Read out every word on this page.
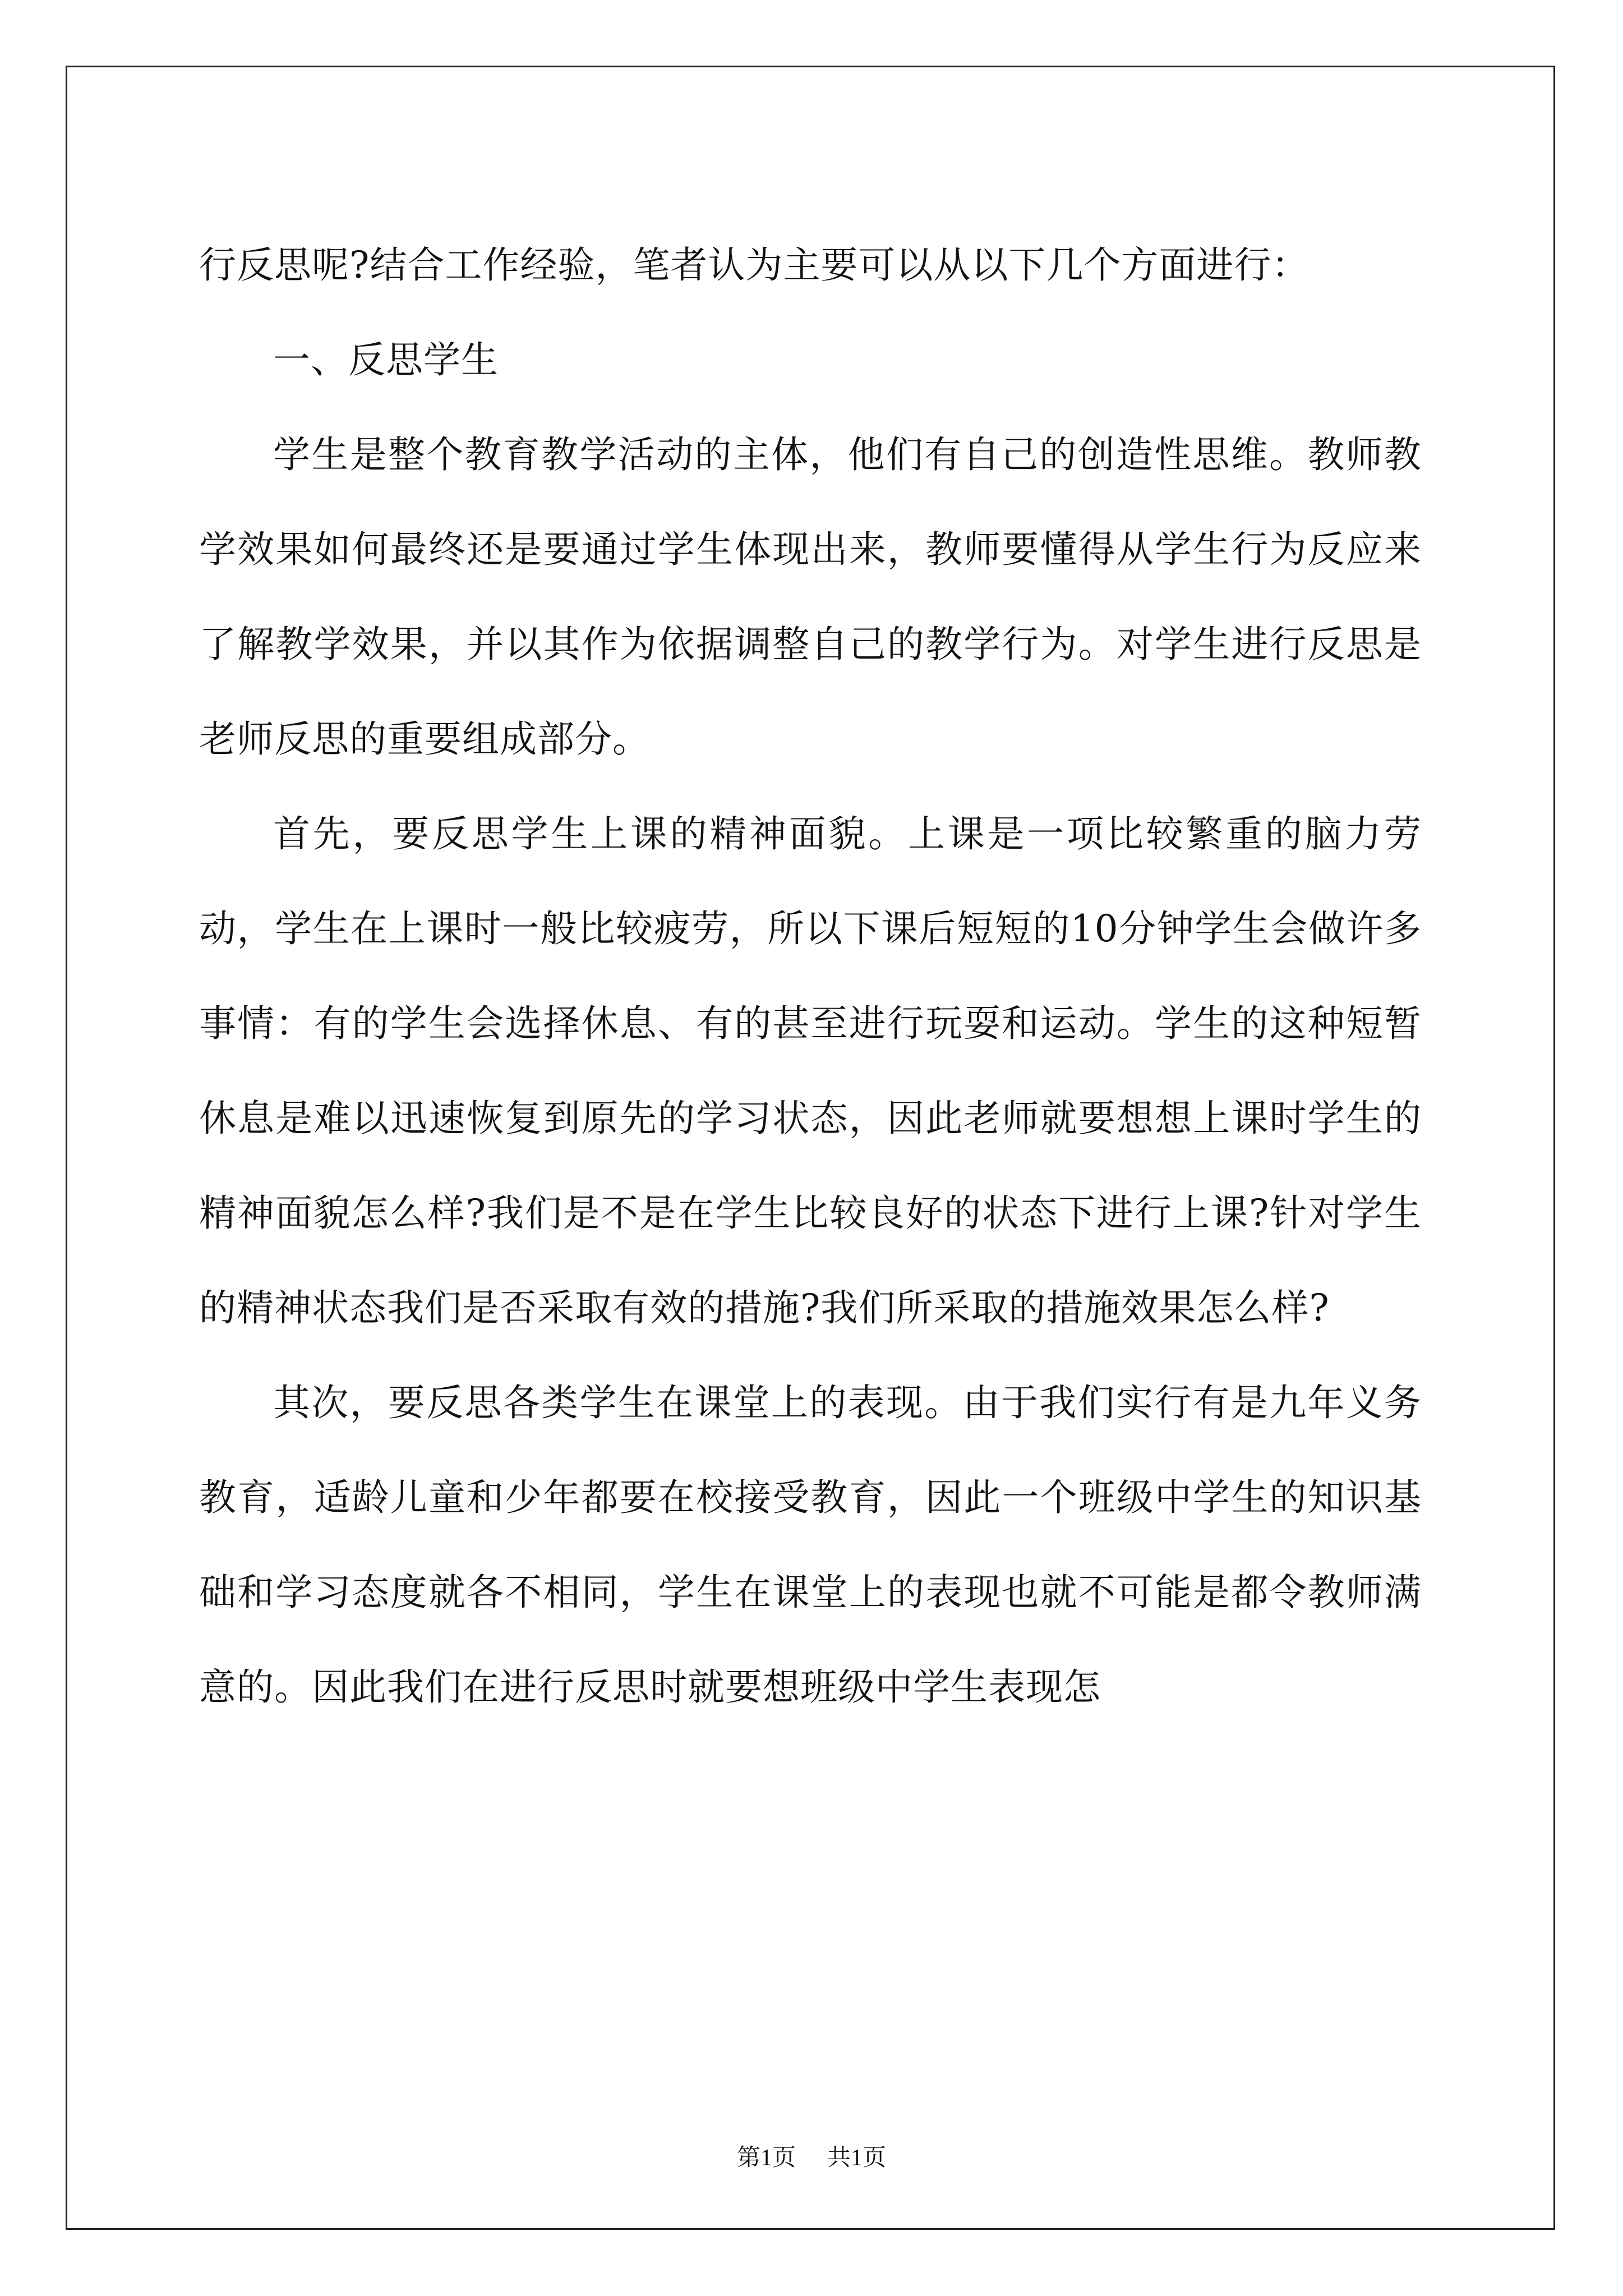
行反思呢?结合工作经验，笔者认为主要可以从以下几个方面进行：

一、反思学生

学生是整个教育教学活动的主体，他们有自己的创造性思维。教师教学效果如何最终还是要通过学生体现出来，教师要懂得从学生行为反应来了解教学效果，并以其作为依据调整自己的教学行为。对学生进行反思是老师反思的重要组成部分。

首先，要反思学生上课的精神面貌。上课是一项比较繁重的脑力劳动，学生在上课时一般比较疲劳，所以下课后短短的10分钟学生会做许多事情：有的学生会选择休息、有的甚至进行玩耍和运动。学生的这种短暂休息是难以迅速恢复到原先的学习状态，因此老师就要想想上课时学生的精神面貌怎么样?我们是不是在学生比较良好的状态下进行上课?针对学生的精神状态我们是否采取有效的措施?我们所采取的措施效果怎么样?

其次，要反思各类学生在课堂上的表现。由于我们实行有是九年义务教育，适龄儿童和少年都要在校接受教育，因此一个班级中学生的知识基础和学习态度就各不相同，学生在课堂上的表现也就不可能是都令教师满意的。因此我们在进行反思时就要想班级中学生表现怎

第1页 共1页
